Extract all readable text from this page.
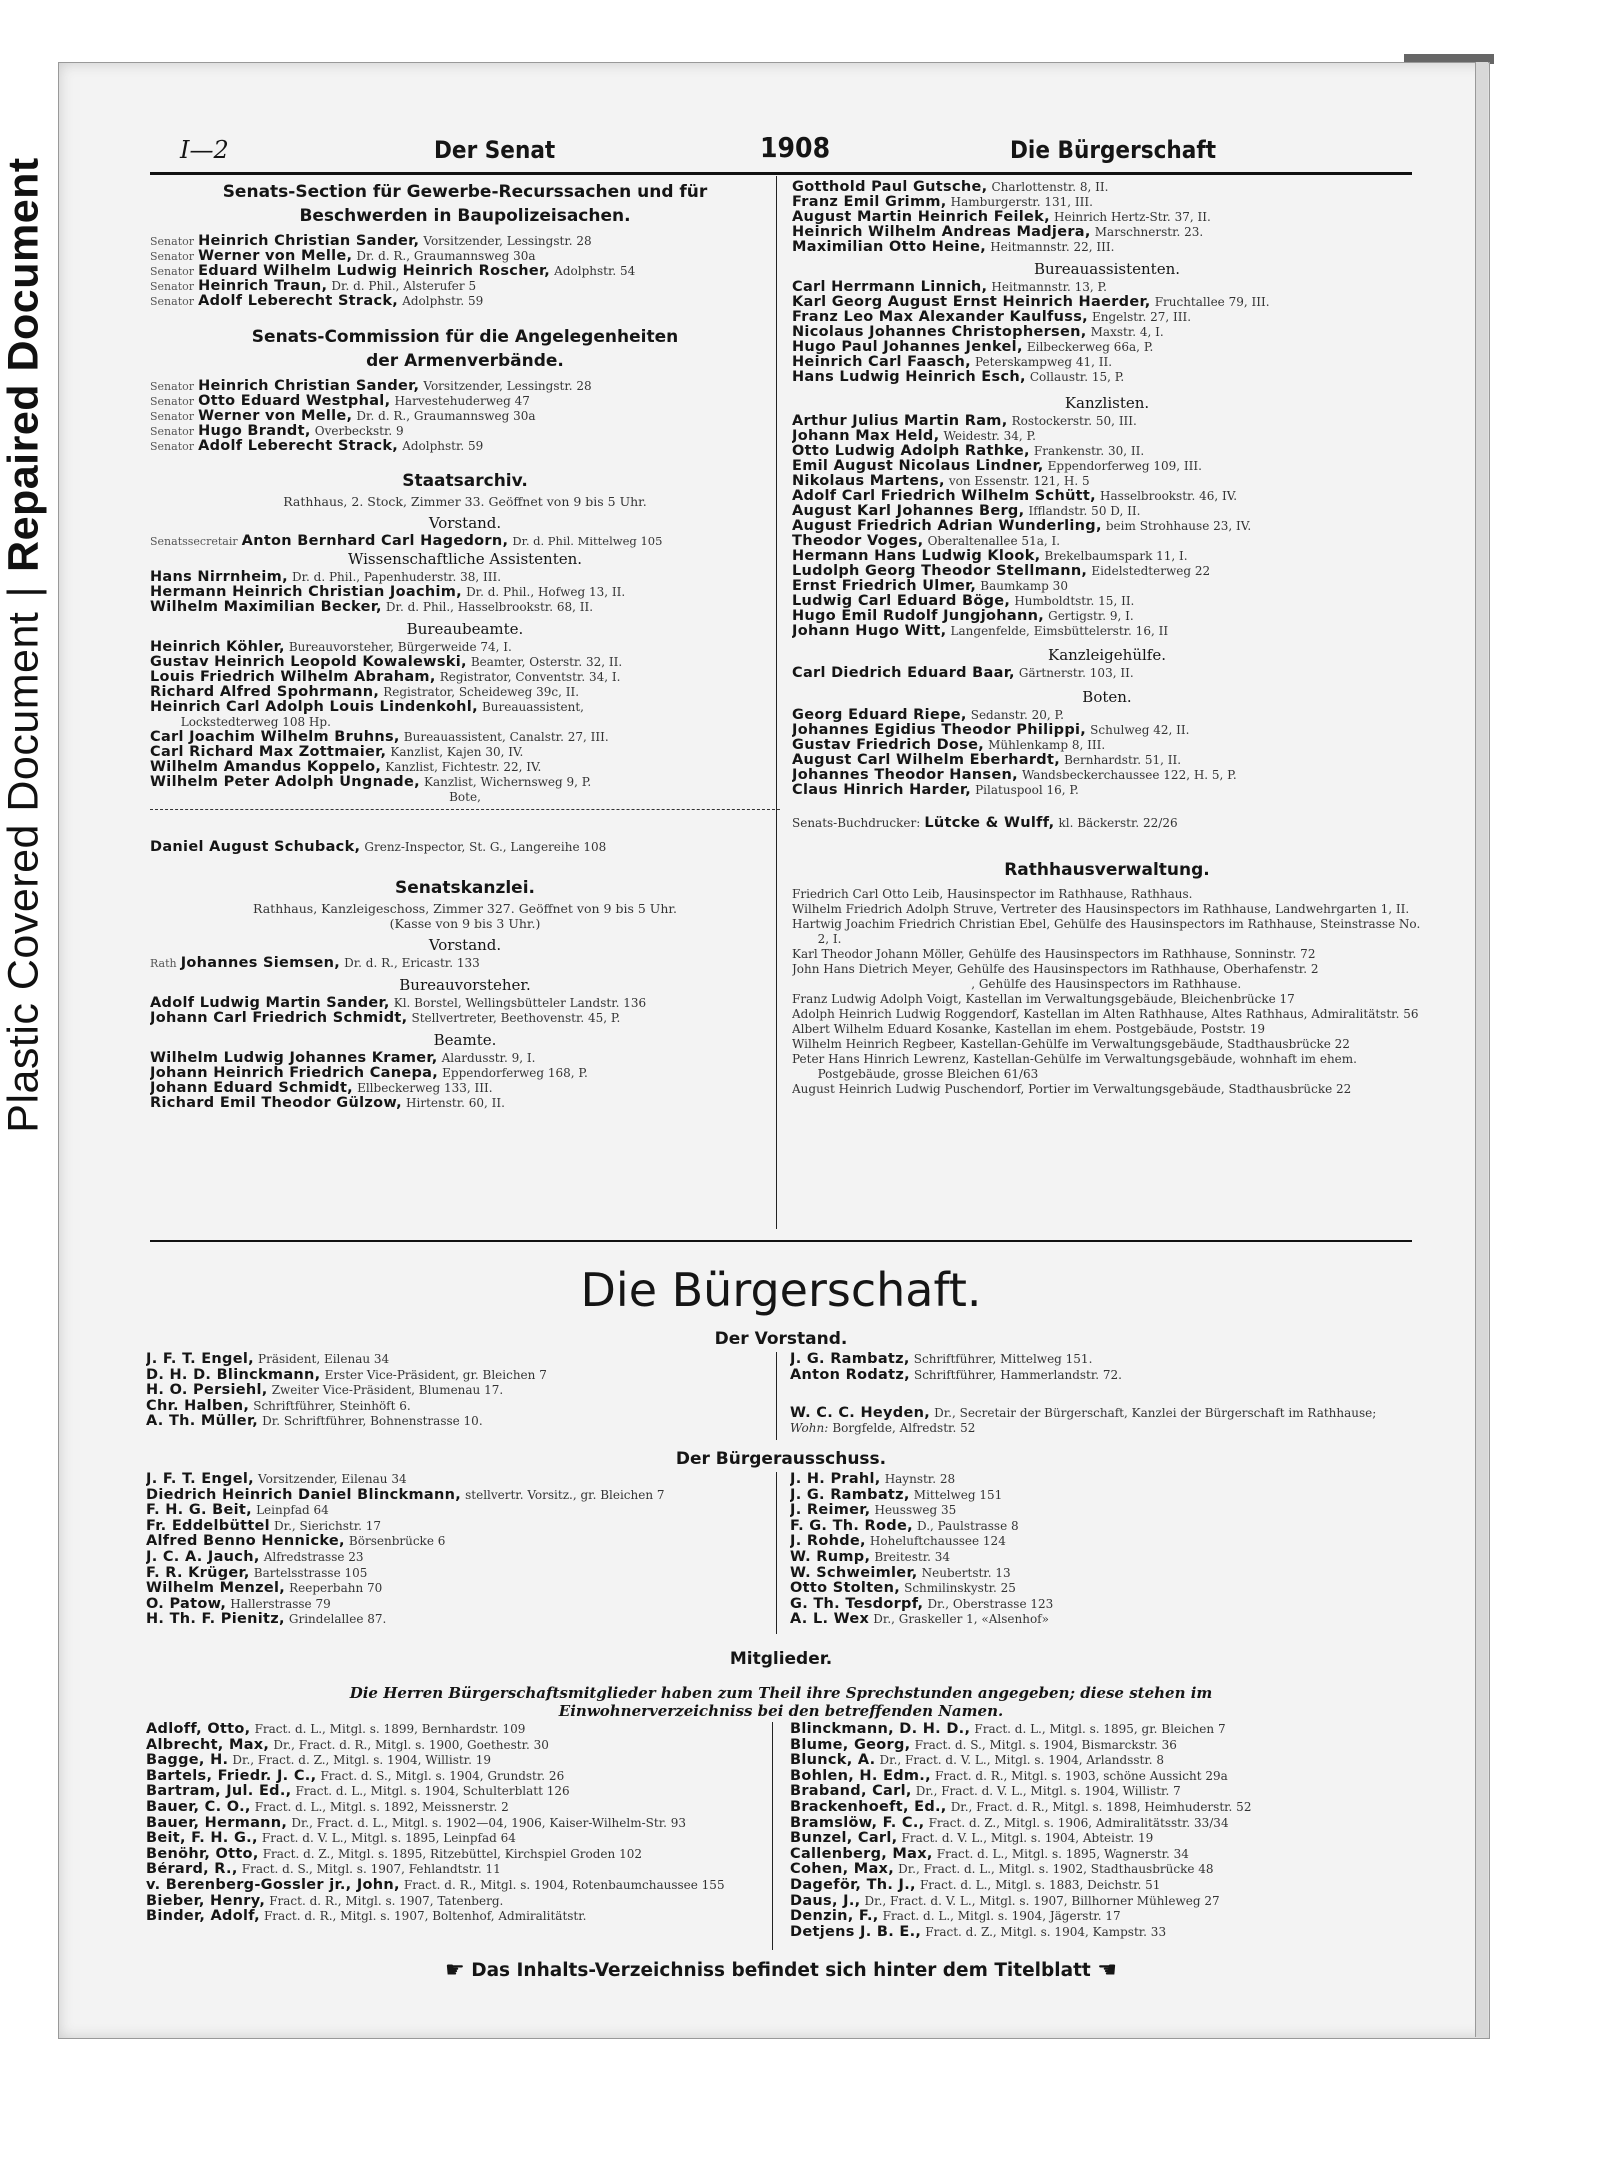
Plastic Covered Document|Repaired Document
I—2	Der Senat	1908	Die Bürgerschaft
Senats-Section für Gewerbe-Recurssachen und für
Beschwerden in Baupolizeisachen.
Senator Heinrich Christian Sander, Vorsitzender, Lessingstr. 28
Senator Werner von Melle, Dr. d. R., Graumannsweg 30a
Senator Eduard Wilhelm Ludwig Heinrich Roscher, Adolphstr. 54
Senator Heinrich Traun, Dr. d. Phil., Alsterufer 5
Senator Adolf Leberecht Strack, Adolphstr. 59
Senats-Commission für die Angelegenheiten
der Armenverbände.
Senator Heinrich Christian Sander, Vorsitzender, Lessingstr. 28
Senator Otto Eduard Westphal, Harvestehuderweg 47
Senator Werner von Melle, Dr. d. R., Graumannsweg 30a
Senator Hugo Brandt, Overbeckstr. 9
Senator Adolf Leberecht Strack, Adolphstr. 59
Staatsarchiv.
Rathhaus, 2. Stock, Zimmer 33. Geöffnet von 9 bis 5 Uhr.
Vorstand.
Senatssecretair Anton Bernhard Carl Hagedorn, Dr. d. Phil. Mittelweg 105
Wissenschaftliche Assistenten.
Hans Nirrnheim, Dr. d. Phil., Papenhuderstr. 38, III.
Hermann Heinrich Christian Joachim, Dr. d. Phil., Hofweg 13, II.
Wilhelm Maximilian Becker, Dr. d. Phil., Hasselbrookstr. 68, II.
Bureaubeamte.
Heinrich Köhler, Bureauvorsteher, Bürgerweide 74, I.
Gustav Heinrich Leopold Kowalewski, Beamter, Osterstr. 32, II.
Louis Friedrich Wilhelm Abraham, Registrator, Conventstr. 34, I.
Richard Alfred Spohrmann, Registrator, Scheideweg 39c, II.
Heinrich Carl Adolph Louis Lindenkohl, Bureauassistent,
Lockstedterweg 108 Hp.
Carl Joachim Wilhelm Bruhns, Bureauassistent, Canalstr. 27, III.
Carl Richard Max Zottmaier, Kanzlist, Kajen 30, IV.
Wilhelm Amandus Koppelo, Kanzlist, Fichtestr. 22, IV.
Wilhelm Peter Adolph Ungnade, Kanzlist, Wichernsweg 9, P.
Bote,
Daniel August Schuback, Grenz-Inspector, St. G., Langereihe 108
Senatskanzlei.
Rathhaus, Kanzleigeschoss, Zimmer 327. Geöffnet von 9 bis 5 Uhr.
(Kasse von 9 bis 3 Uhr.)
Vorstand.
Rath Johannes Siemsen, Dr. d. R., Ericastr. 133
Bureauvorsteher.
Adolf Ludwig Martin Sander, Kl. Borstel, Wellingsbütteler Landstr. 136
Johann Carl Friedrich Schmidt, Stellvertreter, Beethovenstr. 45, P.
Beamte.
Wilhelm Ludwig Johannes Kramer, Alardusstr. 9, I.
Johann Heinrich Friedrich Canepa, Eppendorferweg 168, P.
Johann Eduard Schmidt, Ellbeckerweg 133, III.
Richard Emil Theodor Gülzow, Hirtenstr. 60, II.
Gotthold Paul Gutsche, Charlottenstr. 8, II.
Franz Emil Grimm, Hamburgerstr. 131, III.
August Martin Heinrich Feilek, Heinrich Hertz-Str. 37, II.
Heinrich Wilhelm Andreas Madjera, Marschnerstr. 23.
Maximilian Otto Heine, Heitmannstr. 22, III.
Bureauassistenten.
Carl Herrmann Linnich, Heitmannstr. 13, P.
Karl Georg August Ernst Heinrich Haerder, Fruchtallee 79, III.
Franz Leo Max Alexander Kaulfuss, Engelstr. 27, III.
Nicolaus Johannes Christophersen, Maxstr. 4, I.
Hugo Paul Johannes Jenkel, Eilbeckerweg 66a, P.
Heinrich Carl Faasch, Peterskampweg 41, II.
Hans Ludwig Heinrich Esch, Collaustr. 15, P.
Kanzlisten.
Arthur Julius Martin Ram, Rostockerstr. 50, III.
Johann Max Held, Weidestr. 34, P.
Otto Ludwig Adolph Rathke, Frankenstr. 30, II.
Emil August Nicolaus Lindner, Eppendorferweg 109, III.
Nikolaus Martens, von Essenstr. 121, H. 5
Adolf Carl Friedrich Wilhelm Schütt, Hasselbrookstr. 46, IV.
August Karl Johannes Berg, Ifflandstr. 50 D, II.
August Friedrich Adrian Wunderling, beim Strohhause 23, IV.
Theodor Voges, Oberaltenallee 51a, I.
Hermann Hans Ludwig Klook, Brekelbaumspark 11, I.
Ludolph Georg Theodor Stellmann, Eidelstedterweg 22
Ernst Friedrich Ulmer, Baumkamp 30
Ludwig Carl Eduard Böge, Humboldtstr. 15, II.
Hugo Emil Rudolf Jungjohann, Gertigstr. 9, I.
Johann Hugo Witt, Langenfelde, Eimsbüttelerstr. 16, II
Kanzleigehülfe.
Carl Diedrich Eduard Baar, Gärtnerstr. 103, II.
Boten.
Georg Eduard Riepe, Sedanstr. 20, P.
Johannes Egidius Theodor Philippi, Schulweg 42, II.
Gustav Friedrich Dose, Mühlenkamp 8, III.
August Carl Wilhelm Eberhardt, Bernhardstr. 51, II.
Johannes Theodor Hansen, Wandsbeckerchaussee 122, H. 5, P.
Claus Hinrich Harder, Pilatuspool 16, P.
Senats-Buchdrucker: Lütcke & Wulff, kl. Bäckerstr. 22/26
Rathhausverwaltung.
Friedrich Carl Otto Leib, Hausinspector im Rathhause, Rathhaus.
Wilhelm Friedrich Adolph Struve, Vertreter des Hausinspectors im Rathhause, Landwehrgarten 1, II.
Hartwig Joachim Friedrich Christian Ebel, Gehülfe des Hausinspectors im Rathhause, Steinstrasse No. 2, I.
Karl Theodor Johann Möller, Gehülfe des Hausinspectors im Rathhause, Sonninstr. 72
John Hans Dietrich Meyer, Gehülfe des Hausinspectors im Rathhause, Oberhafenstr. 2
, Gehülfe des Hausinspectors im Rathhause.
Franz Ludwig Adolph Voigt, Kastellan im Verwaltungsgebäude, Bleichenbrücke 17
Adolph Heinrich Ludwig Roggendorf, Kastellan im Alten Rathhause, Altes Rathhaus, Admiralitätstr. 56
Albert Wilhelm Eduard Kosanke, Kastellan im ehem. Postgebäude, Poststr. 19
Wilhelm Heinrich Regbeer, Kastellan-Gehülfe im Verwaltungsgebäude, Stadthausbrücke 22
Peter Hans Hinrich Lewrenz, Kastellan-Gehülfe im Verwaltungsgebäude, wohnhaft im ehem. Postgebäude, grosse Bleichen 61/63
August Heinrich Ludwig Puschendorf, Portier im Verwaltungsgebäude, Stadthausbrücke 22
Die Bürgerschaft.
Der Vorstand.
J. F. T. Engel, Präsident, Eilenau 34
D. H. D. Blinckmann, Erster Vice-Präsident, gr. Bleichen 7
H. O. Persiehl, Zweiter Vice-Präsident, Blumenau 17.
Chr. Halben, Schriftführer, Steinhöft 6.
A. Th. Müller, Dr. Schriftführer, Bohnenstrasse 10.
J. G. Rambatz, Schriftführer, Mittelweg 151.
Anton Rodatz, Schriftführer, Hammerlandstr. 72.
W. C. C. Heyden, Dr., Secretair der Bürgerschaft, Kanzlei der Bürgerschaft im Rathhause; Wohn: Borgfelde, Alfredstr. 52
Der Bürgerausschuss.
J. F. T. Engel, Vorsitzender, Eilenau 34
Diedrich Heinrich Daniel Blinckmann, stellvertr. Vorsitz., gr. Bleichen 7
F. H. G. Beit, Leinpfad 64
Fr. Eddelbüttel Dr., Sierichstr. 17
Alfred Benno Hennicke, Börsenbrücke 6
J. C. A. Jauch, Alfredstrasse 23
F. R. Krüger, Bartelsstrasse 105
Wilhelm Menzel, Reeperbahn 70
O. Patow, Hallerstrasse 79
H. Th. F. Pienitz, Grindelallee 87.
J. H. Prahl, Haynstr. 28
J. G. Rambatz, Mittelweg 151
J. Reimer, Heussweg 35
F. G. Th. Rode, D., Paulstrasse 8
J. Rohde, Hoheluftchaussee 124
W. Rump, Breitestr. 34
W. Schweimler, Neubertstr. 13
Otto Stolten, Schmilinskystr. 25
G. Th. Tesdorpf, Dr., Oberstrasse 123
A. L. Wex Dr., Graskeller 1, «Alsenhof»
Mitglieder.
Die Herren Bürgerschaftsmitglieder haben zum Theil ihre Sprechstunden angegeben; diese stehen im
Einwohnerverzeichniss bei den betreffenden Namen.
Adloff, Otto, Fract. d. L., Mitgl. s. 1899, Bernhardstr. 109
Albrecht, Max, Dr., Fract. d. R., Mitgl. s. 1900, Goethestr. 30
Bagge, H. Dr., Fract. d. Z., Mitgl. s. 1904, Willistr. 19
Bartels, Friedr. J. C., Fract. d. S., Mitgl. s. 1904, Grundstr. 26
Bartram, Jul. Ed., Fract. d. L., Mitgl. s. 1904, Schulterblatt 126
Bauer, C. O., Fract. d. L., Mitgl. s. 1892, Meissnerstr. 2
Bauer, Hermann, Dr., Fract. d. L., Mitgl. s. 1902—04, 1906, Kaiser-Wilhelm-Str. 93
Beit, F. H. G., Fract. d. V. L., Mitgl. s. 1895, Leinpfad 64
Benöhr, Otto, Fract. d. Z., Mitgl. s. 1895, Ritzebüttel, Kirchspiel Groden 102
Bérard, R., Fract. d. S., Mitgl. s. 1907, Fehlandtstr. 11
v. Berenberg-Gossler jr., John, Fract. d. R., Mitgl. s. 1904, Rotenbaumchaussee 155
Bieber, Henry, Fract. d. R., Mitgl. s. 1907, Tatenberg.
Binder, Adolf, Fract. d. R., Mitgl. s. 1907, Boltenhof, Admiralitätstr.
Blinckmann, D. H. D., Fract. d. L., Mitgl. s. 1895, gr. Bleichen 7
Blume, Georg, Fract. d. S., Mitgl. s. 1904, Bismarckstr. 36
Blunck, A. Dr., Fract. d. V. L., Mitgl. s. 1904, Arlandsstr. 8
Bohlen, H. Edm., Fract. d. R., Mitgl. s. 1903, schöne Aussicht 29a
Braband, Carl, Dr., Fract. d. V. L., Mitgl. s. 1904, Willistr. 7
Brackenhoeft, Ed., Dr., Fract. d. R., Mitgl. s. 1898, Heimhuderstr. 52
Bramslöw, F. C., Fract. d. Z., Mitgl. s. 1906, Admiralitätsstr. 33/34
Bunzel, Carl, Fract. d. V. L., Mitgl. s. 1904, Abteistr. 19
Callenberg, Max, Fract. d. L., Mitgl. s. 1895, Wagnerstr. 34
Cohen, Max, Dr., Fract. d. L., Mitgl. s. 1902, Stadthausbrücke 48
Dageför, Th. J., Fract. d. L., Mitgl. s. 1883, Deichstr. 51
Daus, J., Dr., Fract. d. V. L., Mitgl. s. 1907, Billhorner Mühleweg 27
Denzin, F., Fract. d. L., Mitgl. s. 1904, Jägerstr. 17
Detjens J. B. E., Fract. d. Z., Mitgl. s. 1904, Kampstr. 33
☛ Das Inhalts-Verzeichniss befindet sich hinter dem Titelblatt ☚
